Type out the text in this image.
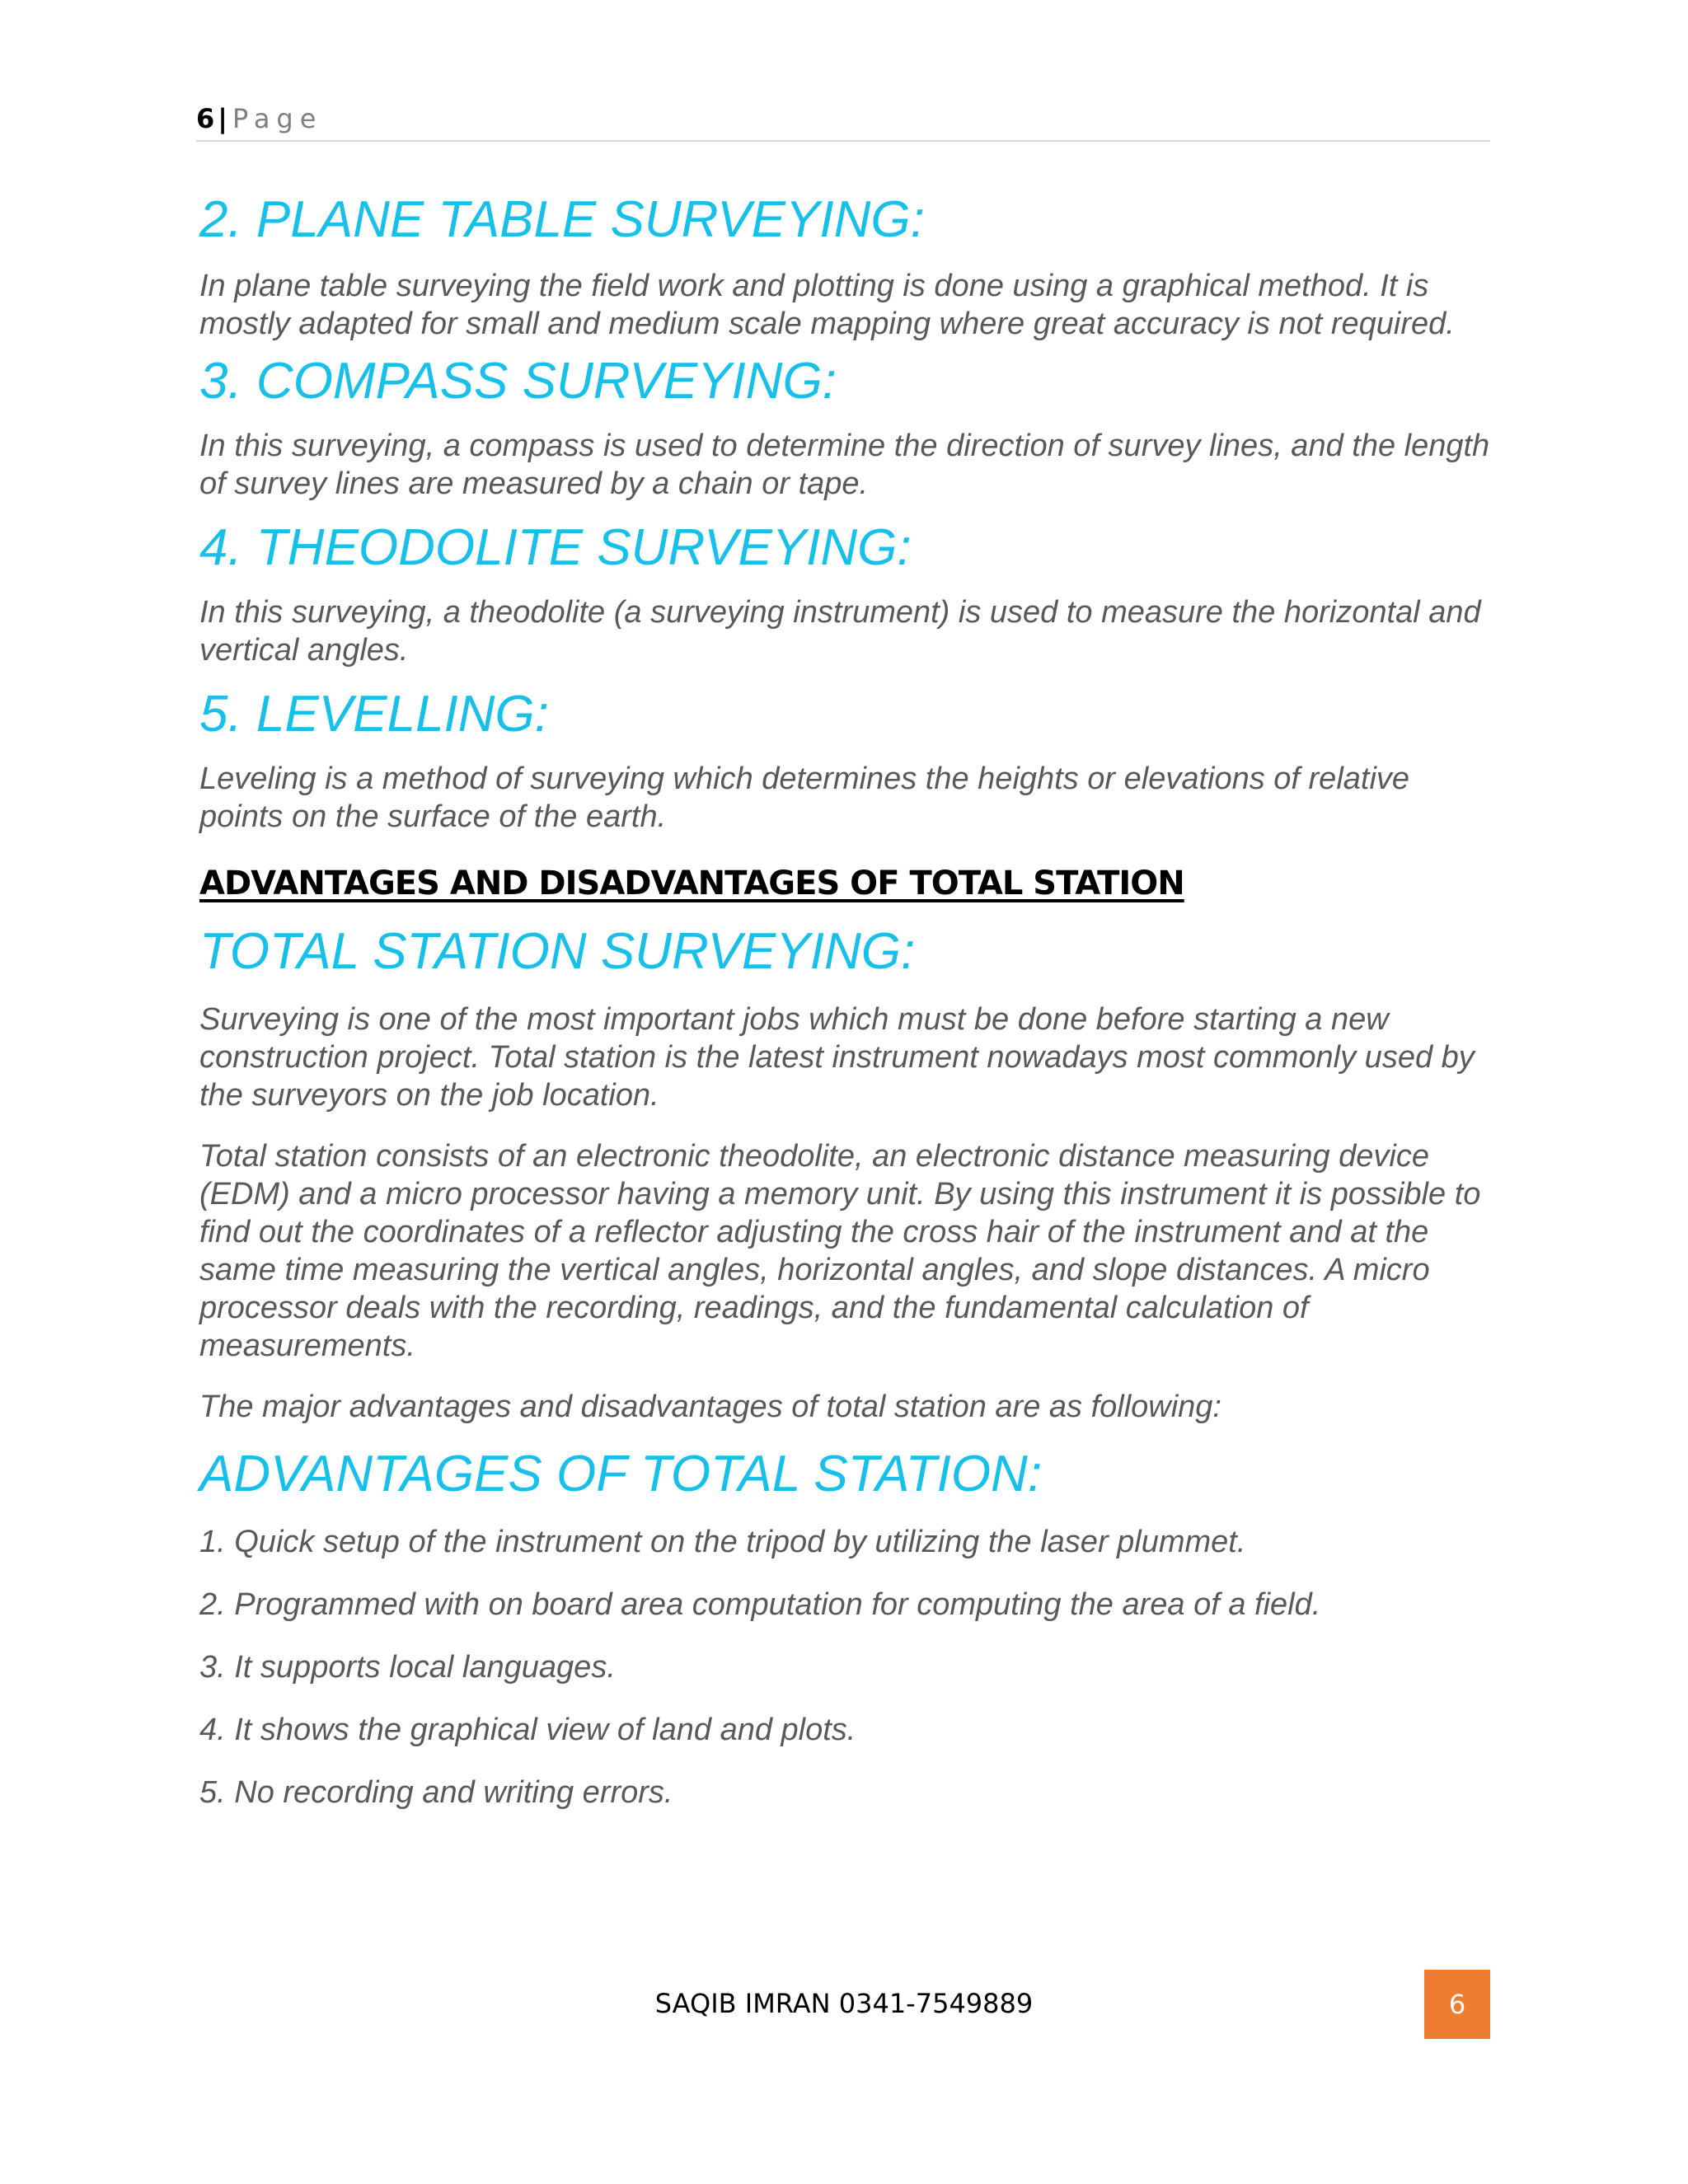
6 | Page
2. PLANE TABLE SURVEYING:

In plane table surveying the field work and plotting is done using a graphical method. It is mostly adapted for small and medium scale mapping where great accuracy is not required.

3. COMPASS SURVEYING:

In this surveying, a compass is used to determine the direction of survey lines, and the length of survey lines are measured by a chain or tape.

4. THEODOLITE SURVEYING:

In this surveying, a theodolite (a surveying instrument) is used to measure the horizontal and vertical angles.

5. LEVELLING:

Leveling is a method of surveying which determines the heights or elevations of relative points on the surface of the earth.

ADVANTAGES AND DISADVANTAGES OF TOTAL STATION
TOTAL STATION SURVEYING:

Surveying is one of the most important jobs which must be done before starting a new construction project. Total station is the latest instrument nowadays most commonly used by the surveyors on the job location.

Total station consists of an electronic theodolite, an electronic distance measuring device (EDM) and a micro processor having a memory unit. By using this instrument it is possible to find out the coordinates of a reflector adjusting the cross hair of the instrument and at the same time measuring the vertical angles, horizontal angles, and slope distances. A micro processor deals with the recording, readings, and the fundamental calculation of measurements.

The major advantages and disadvantages of total station are as following:

ADVANTAGES OF TOTAL STATION:

1. Quick setup of the instrument on the tripod by utilizing the laser plummet.

2. Programmed with on board area computation for computing the area of a field.

3. It supports local languages.

4. It shows the graphical view of land and plots.

5. No recording and writing errors.

SAQIB IMRAN 0341-7549889	6
